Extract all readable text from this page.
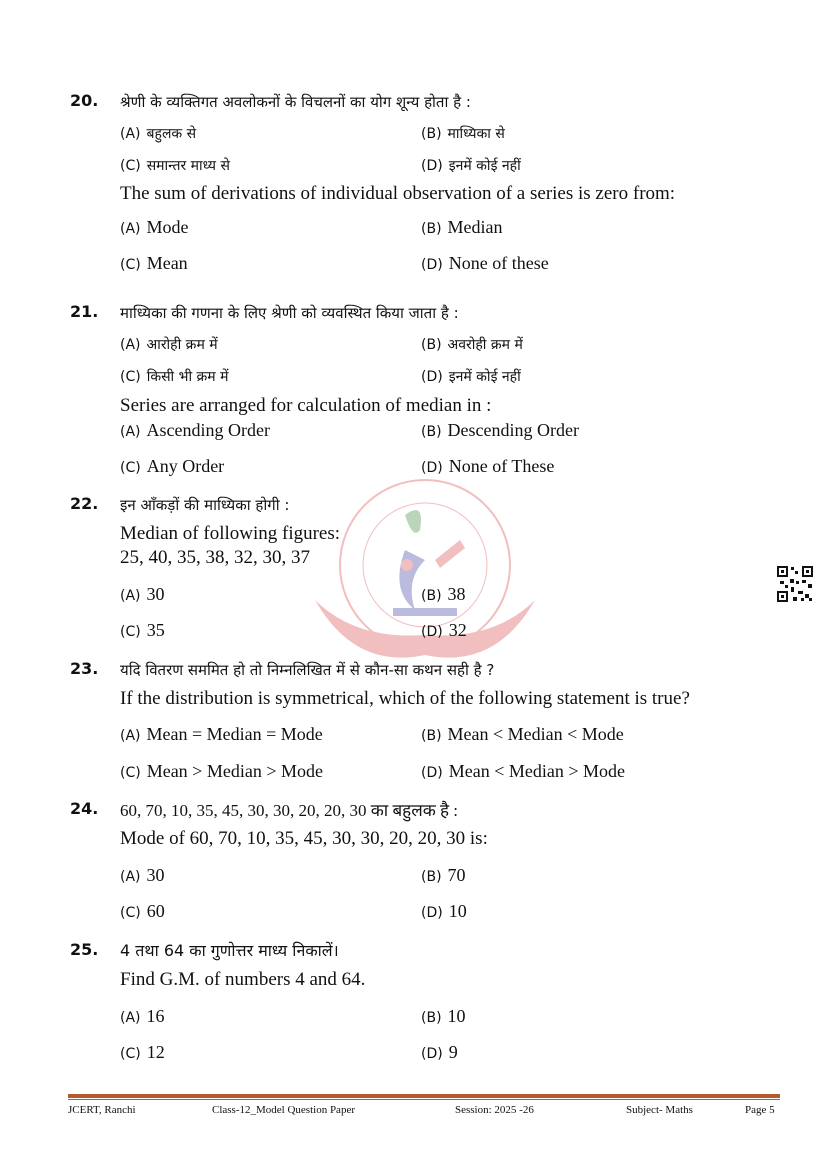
20. श्रेणी के व्यक्तिगत अवलोकनों के विचलनों का योग शून्य होता है :
(A) बहुलक से	(B) माध्यिका से
(C) समान्तर माध्य से	(D) इनमें कोई नहीं
The sum of derivations of individual observation of a series is zero from:
(A) Mode	(B) Median
(C) Mean	(D) None of these
21. माध्यिका की गणना के लिए श्रेणी को व्यवस्थित किया जाता है :
(A) आरोही क्रम में	(B) अवरोही क्रम में
(C) किसी भी क्रम में	(D) इनमें कोई नहीं
Series are arranged for calculation of median in :
(A) Ascending Order	(B) Descending Order
(C) Any Order	(D) None of These
22. इन आँकड़ों की माध्यिका होगी :
Median of following figures:
25, 40, 35, 38, 32, 30, 37
(A) 30	(B) 38
(C) 35	(D) 32
23. यदि वितरण सममित हो तो निम्नलिखित में से कौन-सा कथन सही है ?
If the distribution is symmetrical, which of the following statement is true?
(A) Mean = Median = Mode	(B) Mean < Median < Mode
(C) Mean > Median > Mode	(D) Mean < Median > Mode
24. 60, 70, 10, 35, 45, 30, 30, 20, 20, 30 का बहुलक है :
Mode of 60, 70, 10, 35, 45, 30, 30, 20, 20, 30 is:
(A) 30	(B) 70
(C) 60	(D) 10
25. 4 तथा 64 का गुणोत्तर माध्य निकालें।
Find G.M. of numbers 4 and 64.
(A) 16	(B) 10
(C) 12	(D) 9
JCERT, Ranchi	Class-12_Model Question Paper	Session: 2025 -26	Subject- Maths	Page 5
